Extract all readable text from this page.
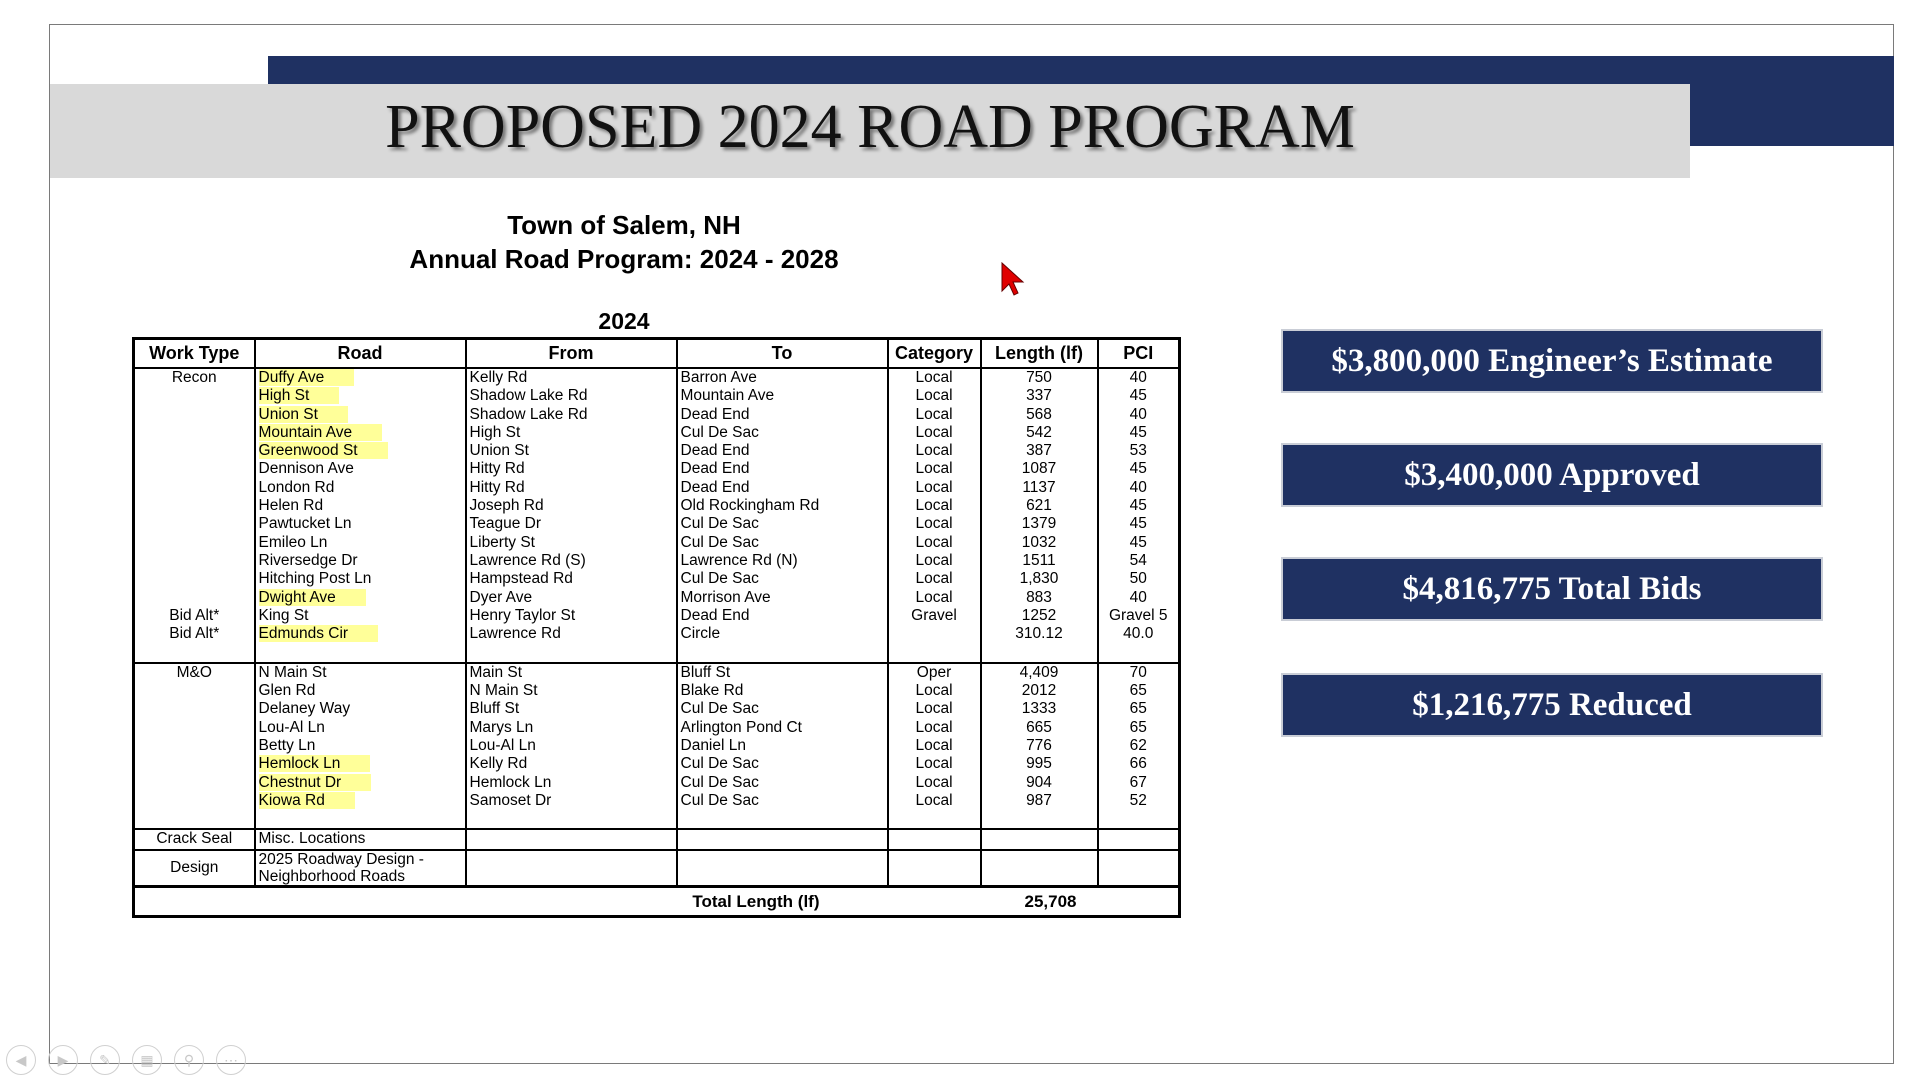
PROPOSED 2024 ROAD PROGRAM
Town of Salem, NH
Annual Road Program: 2024 - 2028
2024
Work Type	Road	From	To	Category	Length (lf)	PCI
Recon	Duffy Ave	Kelly Rd	Barron Ave	Local	750	40
	High St	Shadow Lake Rd	Mountain Ave	Local	337	45
	Union St	Shadow Lake Rd	Dead End	Local	568	40
	Mountain Ave	High St	Cul De Sac	Local	542	45
	Greenwood St	Union St	Dead End	Local	387	53
	Dennison Ave	Hitty Rd	Dead End	Local	1087	45
	London Rd	Hitty Rd	Dead End	Local	1137	40
	Helen Rd	Joseph Rd	Old Rockingham Rd	Local	621	45
	Pawtucket Ln	Teague Dr	Cul De Sac	Local	1379	45
	Emileo Ln	Liberty St	Cul De Sac	Local	1032	45
	Riversedge Dr	Lawrence Rd (S)	Lawrence Rd (N)	Local	1511	54
	Hitching Post Ln	Hampstead Rd	Cul De Sac	Local	1,830	50
	Dwight Ave	Dyer Ave	Morrison Ave	Local	883	40
Bid Alt*	King St	Henry Taylor St	Dead End	Gravel	1252	Gravel 5
Bid Alt*	Edmunds Cir	Lawrence Rd	Circle		310.12	40.0

M&O	N Main St	Main St	Bluff St	Oper	4,409	70
	Glen Rd	N Main St	Blake Rd	Local	2012	65
	Delaney Way	Bluff St	Cul De Sac	Local	1333	65
	Lou-Al Ln	Marys Ln	Arlington Pond Ct	Local	665	65
	Betty Ln	Lou-Al Ln	Daniel Ln	Local	776	62
	Hemlock Ln	Kelly Rd	Cul De Sac	Local	995	66
	Chestnut Dr	Hemlock Ln	Cul De Sac	Local	904	67
	Kiowa Rd	Samoset Dr	Cul De Sac	Local	987	52

Crack Seal	Misc. Locations					
Design	2025 Roadway Design -
Neighborhood Roads					

Total Length (lf)					25,708	
$3,800,000 Engineer’s Estimate
$3,400,000 Approved
$4,816,775 Total Bids
$1,216,775 Reduced
◀	▶	✎	▦	⚲	⋯
